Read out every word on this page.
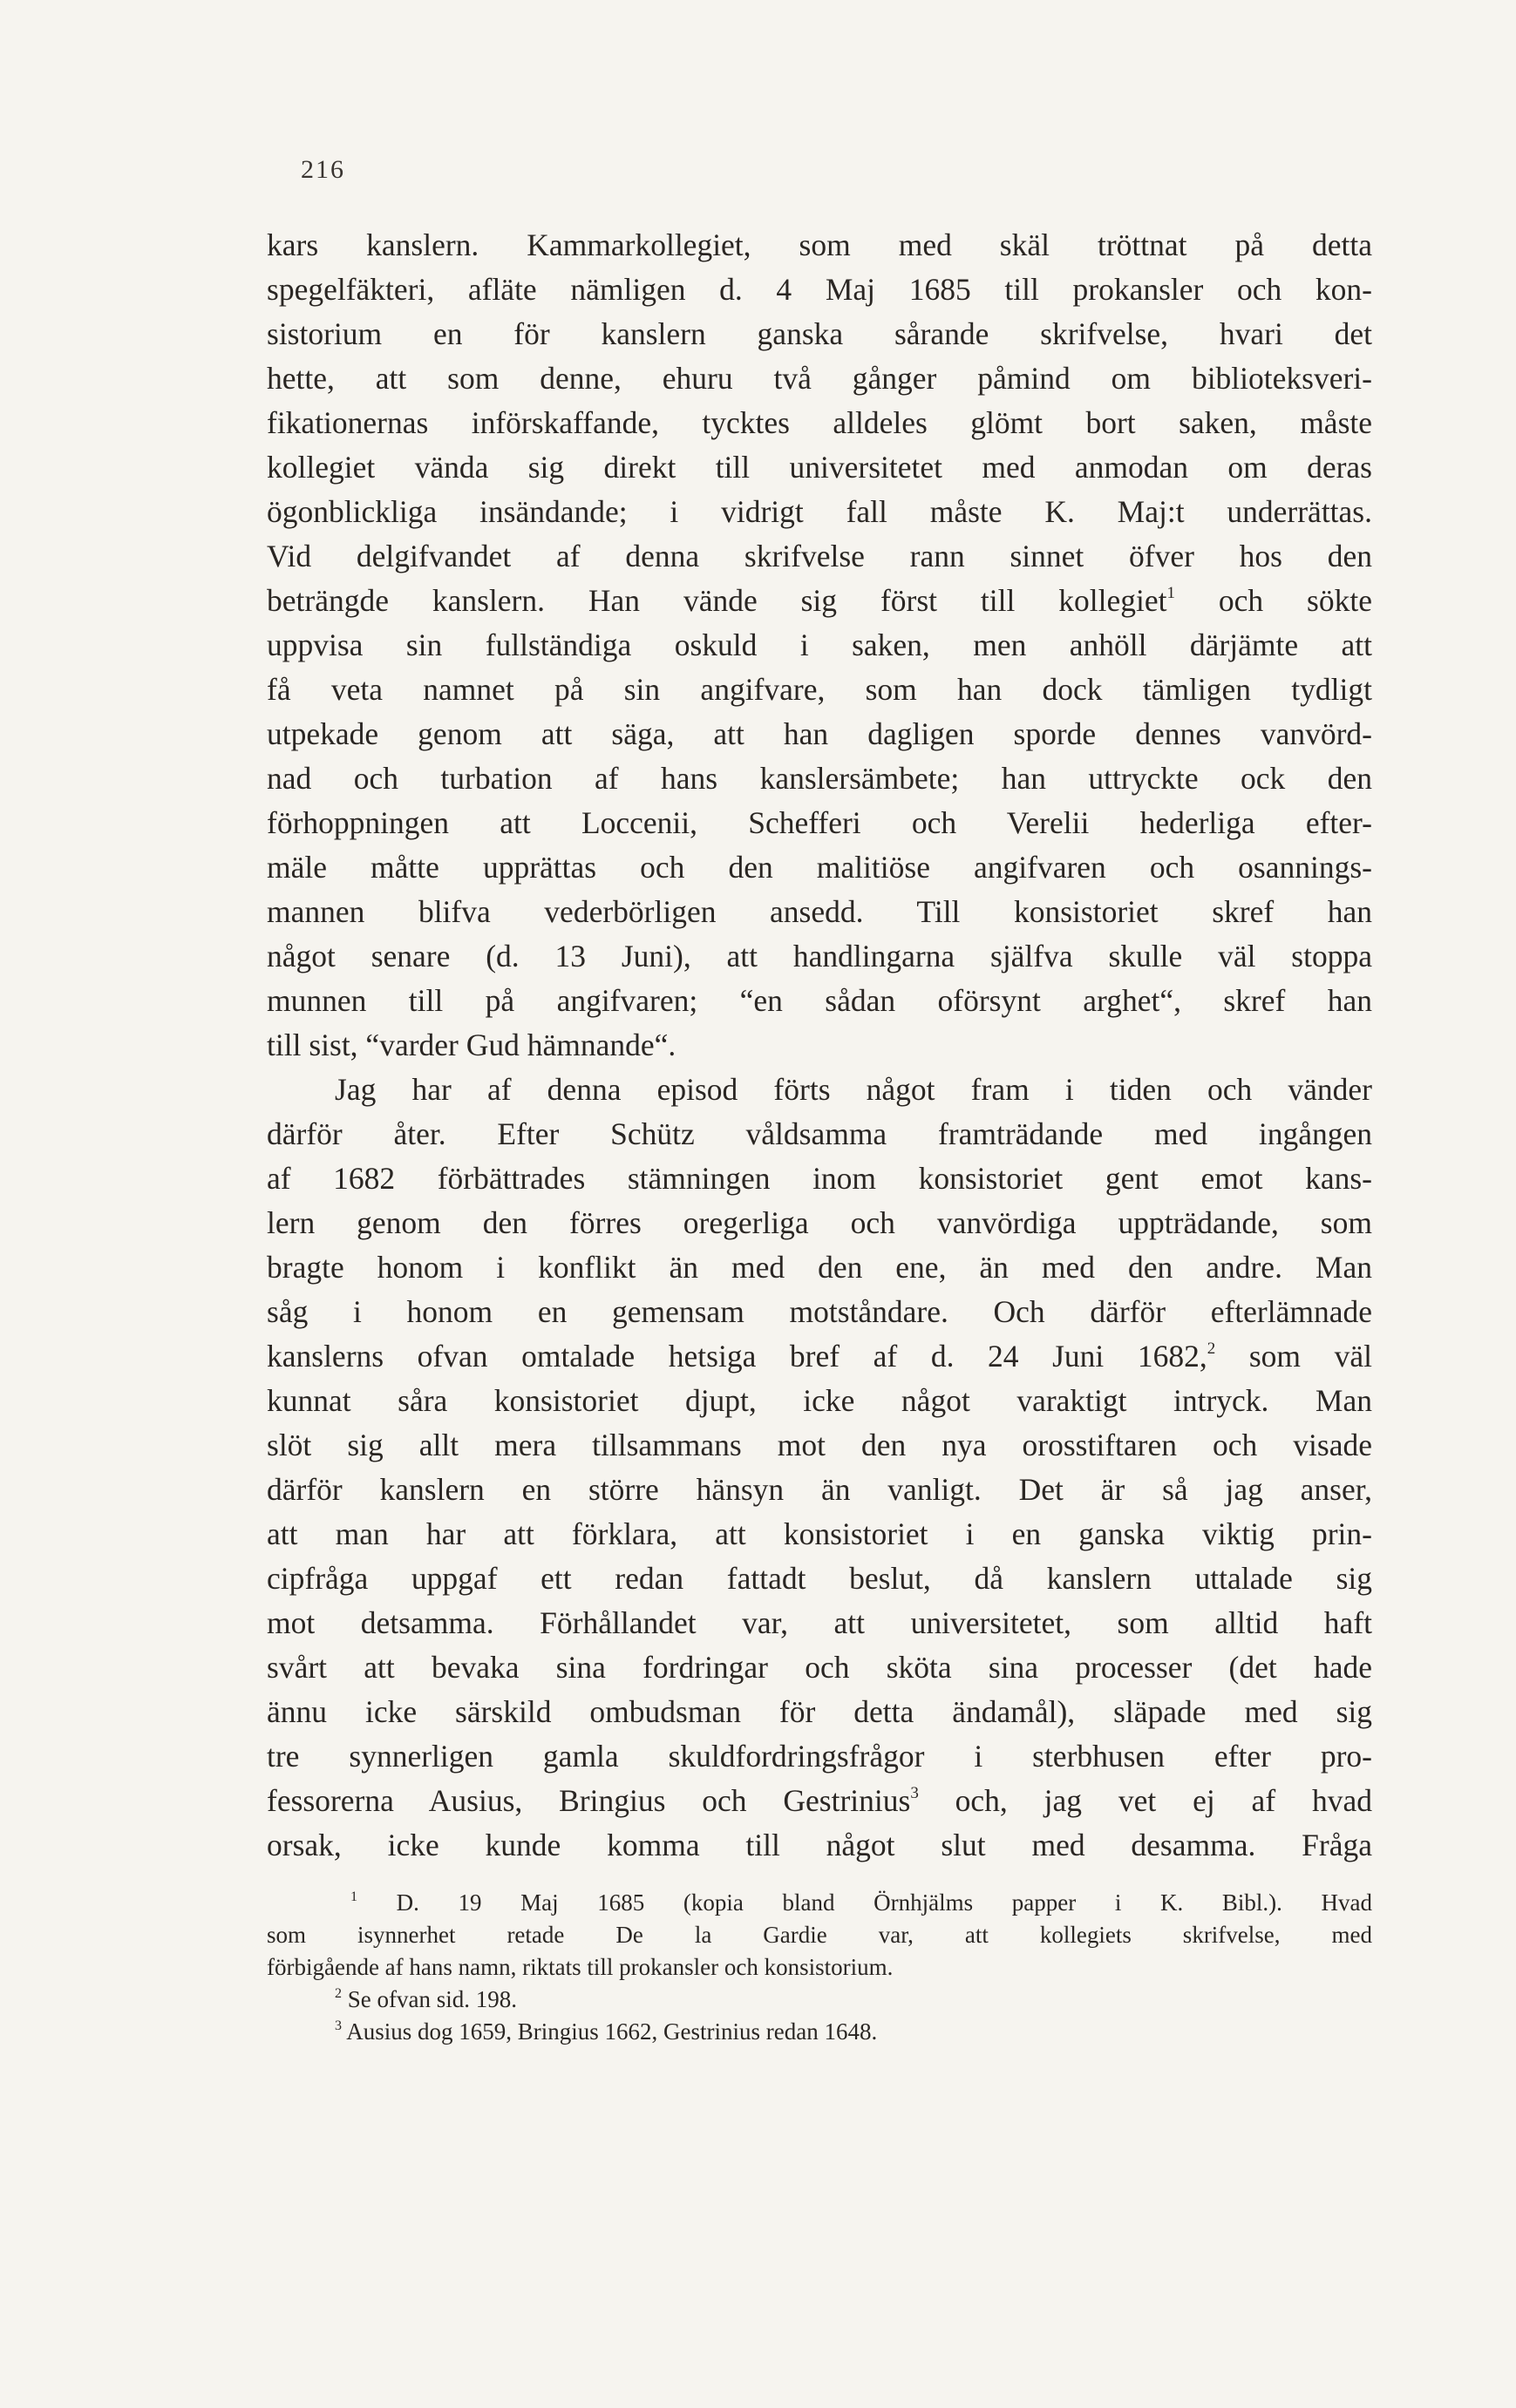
216
kars kanslern. Kammarkollegiet, som med skäl tröttnat på detta
spegelfäkteri, afläte nämligen d. 4 Maj 1685 till prokansler och kon-
sistorium en för kanslern ganska sårande skrifvelse, hvari det
hette, att som denne, ehuru två gånger påmind om biblioteksveri-
fikationernas införskaffande, tycktes alldeles glömt bort saken, måste
kollegiet vända sig direkt till universitetet med anmodan om deras
ögonblickliga insändande; i vidrigt fall måste K. Maj:t underrättas.
Vid delgifvandet af denna skrifvelse rann sinnet öfver hos den
beträngde kanslern. Han vände sig först till kollegiet$^1$ och sökte
uppvisa sin fullständiga oskuld i saken, men anhöll därjämte att
få veta namnet på sin angifvare, som han dock tämligen tydligt
utpekade genom att säga, att han dagligen sporde dennes vanvörd-
nad och turbation af hans kanslersämbete; han uttryckte ock den
förhoppningen att Loccenii, Schefferi och Verelii hederliga efter-
mäle måtte upprättas och den malitiöse angifvaren och osannings-
mannen blifva vederbörligen ansedd. Till konsistoriet skref han
något senare (d. 13 Juni), att handlingarna själfva skulle väl stoppa
munnen till på angifvaren; “en sådan oförsynt arghet“, skref han
till sist, “varder Gud hämnande“.
Jag har af denna episod förts något fram i tiden och vänder
därför åter. Efter Schütz våldsamma framträdande med ingången
af 1682 förbättrades stämningen inom konsistoriet gent emot kans-
lern genom den förres oregerliga och vanvördiga uppträdande, som
bragte honom i konflikt än med den ene, än med den andre. Man
såg i honom en gemensam motståndare. Och därför efterlämnade
kanslerns ofvan omtalade hetsiga bref af d. 24 Juni 1682,$^2$ som väl
kunnat såra konsistoriet djupt, icke något varaktigt intryck. Man
slöt sig allt mera tillsammans mot den nya orosstiftaren och visade
därför kanslern en större hänsyn än vanligt. Det är så jag anser,
att man har att förklara, att konsistoriet i en ganska viktig prin-
cipfråga uppgaf ett redan fattadt beslut, då kanslern uttalade sig
mot detsamma. Förhållandet var, att universitetet, som alltid haft
svårt att bevaka sina fordringar och sköta sina processer (det hade
ännu icke särskild ombudsman för detta ändamål), släpade med sig
tre synnerligen gamla skuldfordringsfrågor i sterbhusen efter pro-
fessorerna Ausius, Bringius och Gestrinius$^3$ och, jag vet ej af hvad
orsak, icke kunde komma till något slut med desamma. Fråga
$^1$ D. 19 Maj 1685 (kopia bland Örnhjälms papper i K. Bibl.). Hvad
som isynnerhet retade De la Gardie var, att kollegiets skrifvelse, med
förbigående af hans namn, riktats till prokansler och konsistorium.
$^2$ Se ofvan sid. 198.
$^3$ Ausius dog 1659, Bringius 1662, Gestrinius redan 1648.
